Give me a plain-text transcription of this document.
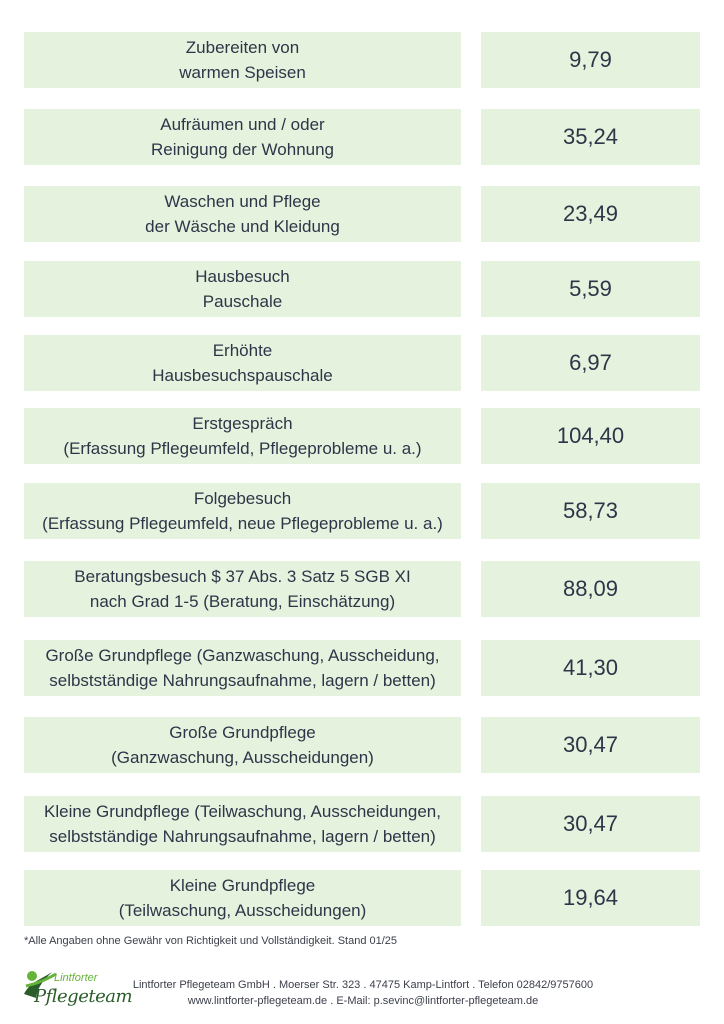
Zubereiten von
warmen Speisen
9,79
Aufräumen und / oder
Reinigung der Wohnung
35,24
Waschen und Pflege
der Wäsche und Kleidung
23,49
Hausbesuch
Pauschale
5,59
Erhöhte
Hausbesuchspauschale
6,97
Erstgespräch
(Erfassung Pflegeumfeld, Pflegeprobleme u. a.)
104,40
Folgebesuch
(Erfassung Pflegeumfeld, neue Pflegeprobleme u. a.)
58,73
Beratungsbesuch $ 37 Abs. 3 Satz 5 SGB XI
nach Grad 1-5 (Beratung, Einschätzung)
88,09
Große Grundpflege (Ganzwaschung, Ausscheidung,
selbstständige Nahrungsaufnahme, lagern / betten)
41,30
Große Grundpflege
(Ganzwaschung, Ausscheidungen)
30,47
Kleine Grundpflege (Teilwaschung, Ausscheidungen,
selbstständige Nahrungsaufnahme, lagern / betten)
30,47
Kleine Grundpflege
(Teilwaschung, Ausscheidungen)
19,64
*Alle Angaben ohne Gewähr von Richtigkeit und Vollständigkeit. Stand 01/25
Lintforter
Pflegeteam
Lintforter Pflegeteam GmbH . Moerser Str. 323 . 47475 Kamp-Lintfort . Telefon 02842/9757600
www.lintforter-pflegeteam.de . E-Mail: p.sevinc@lintforter-pflegeteam.de
